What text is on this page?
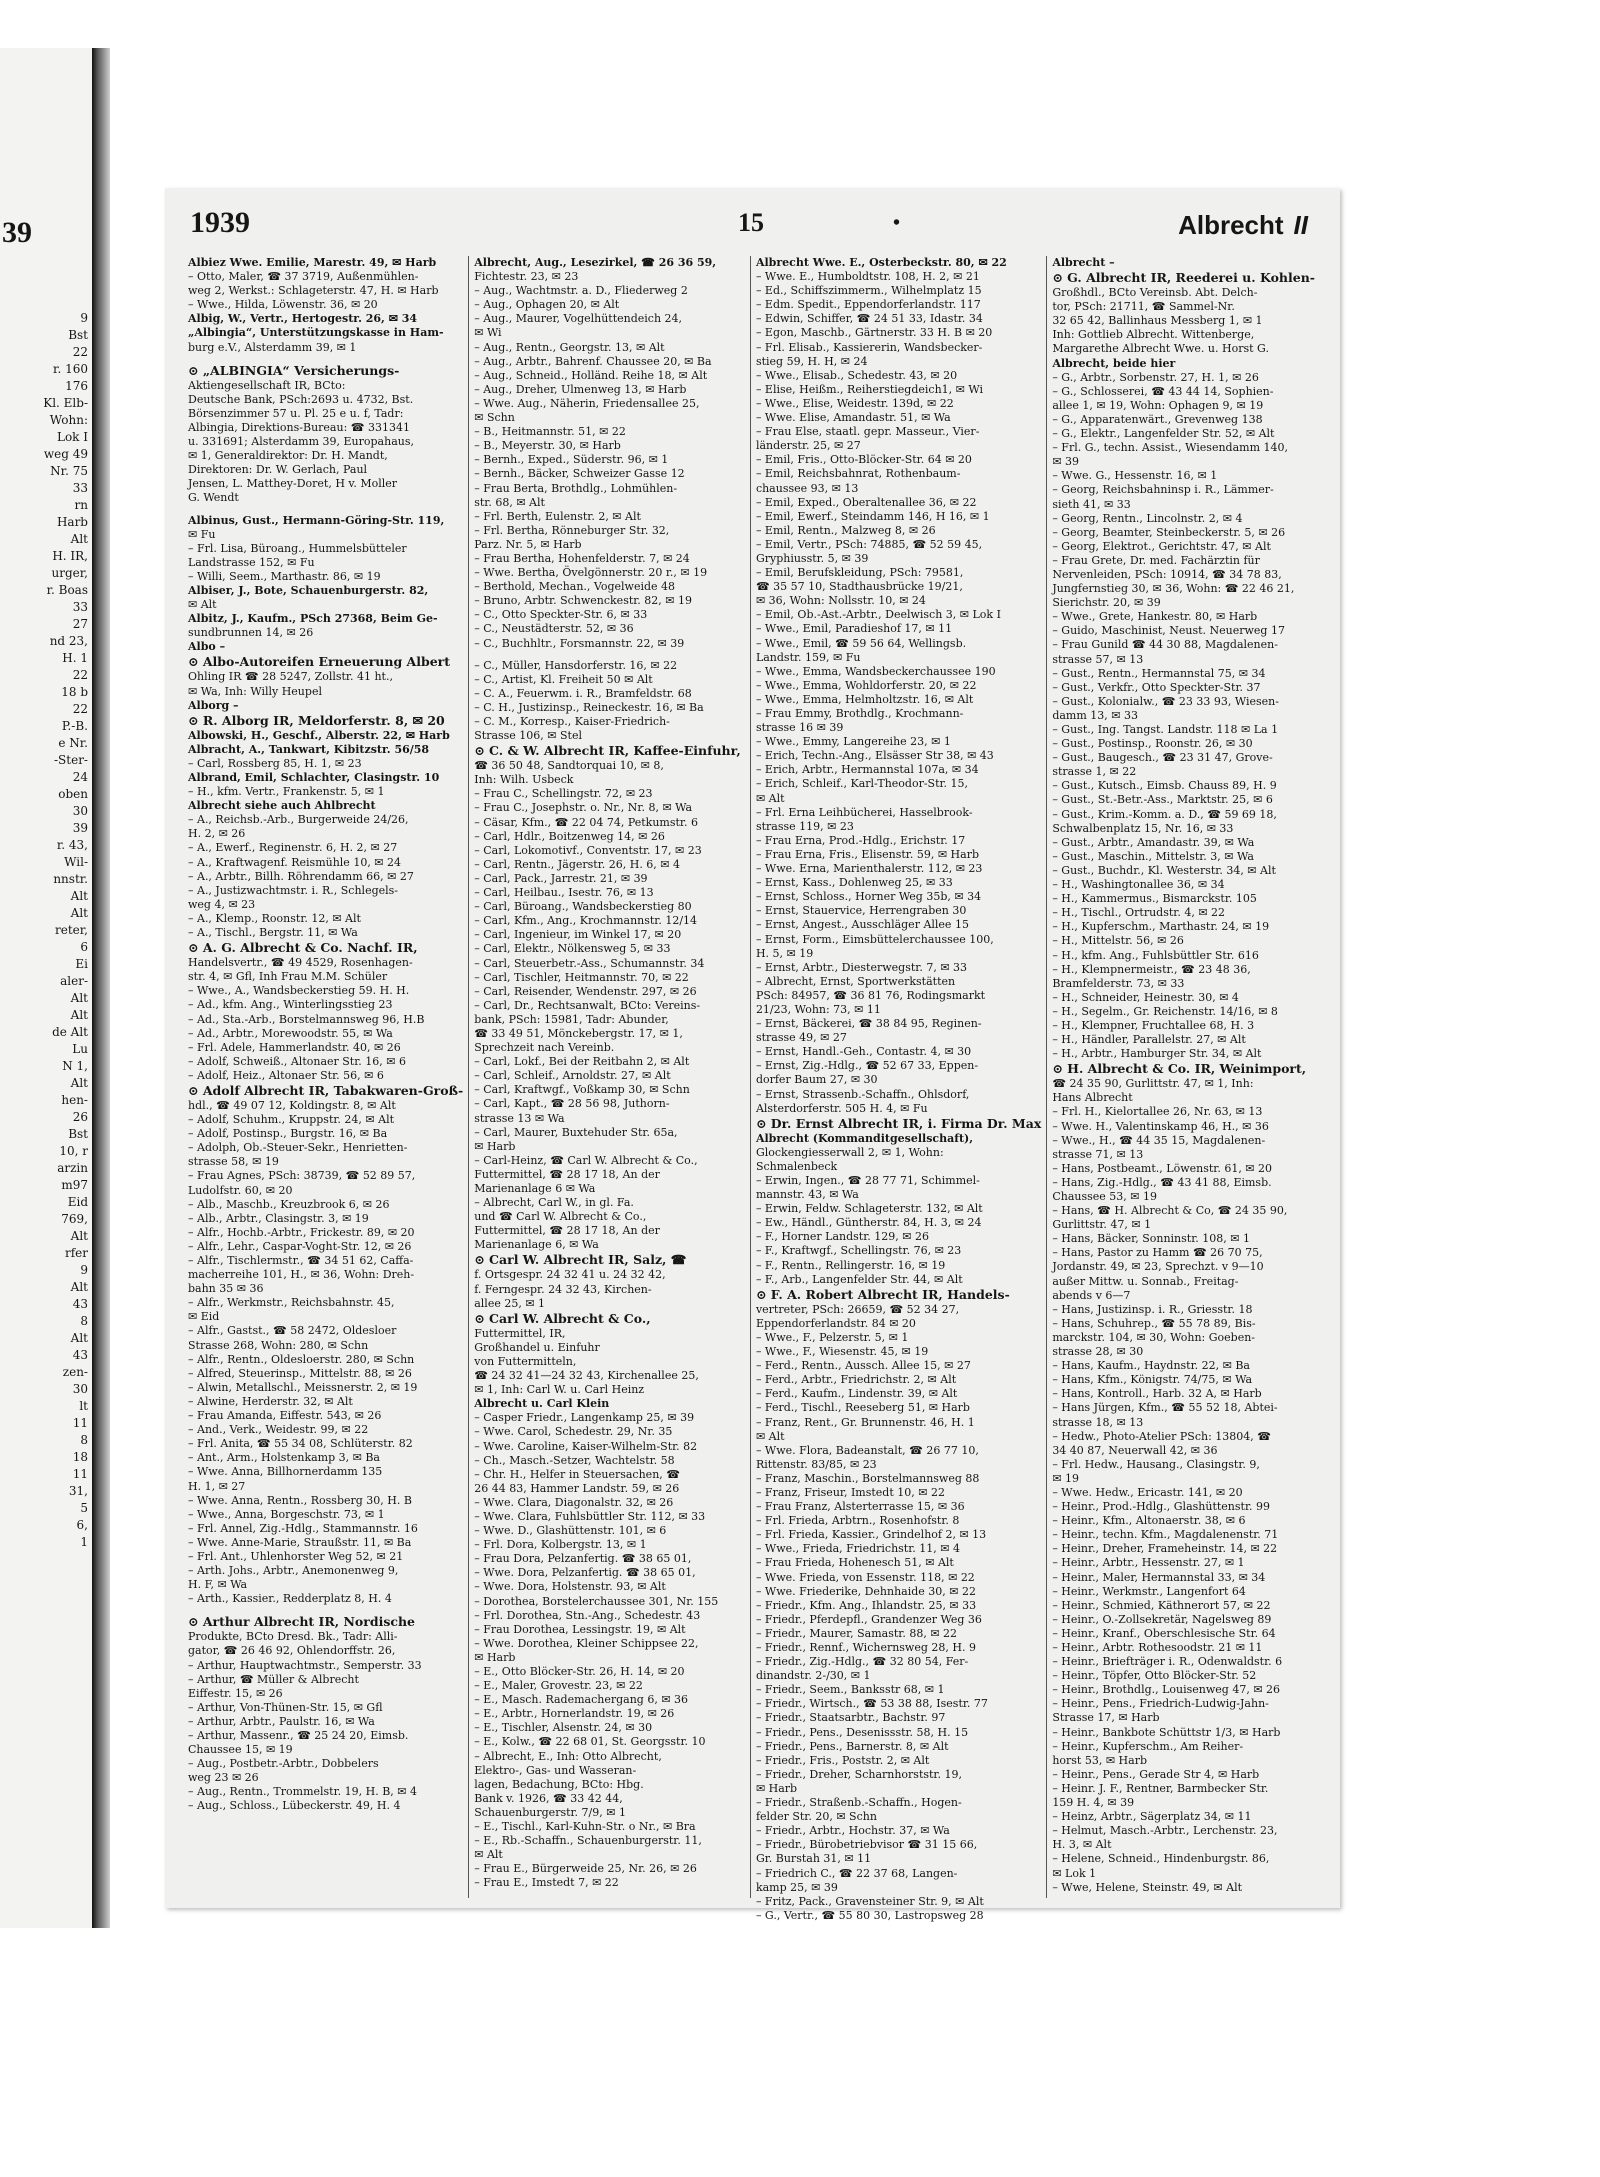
39
9
Bst
22
r. 160
176
Kl. Elb-
Wohn:
Lok I
weg 49
Nr. 75
33
rn
Harb
Alt
H. IR,
urger,
r. Boas
33
27
nd 23,
H. 1
22
18 b
22
P.-B.
e Nr.
-Ster-
24
oben
30
39
r. 43,
Wil-
nnstr.
Alt
Alt
reter,
6
Ei
aler-
Alt
Alt
de Alt
Lu
N 1,
Alt
hen-
26
Bst
10, r
arzin
m97
Eid
769,
Alt
rfer
9
Alt
43
8
Alt
43
zen-
30
lt
11
8
18
11
31,
5
6,
1
1939	15	•	Albrecht II
Albiez Wwe. Emilie, Marestr. 49, ✉ Harb
– Otto, Maler, ☎ 37 3719, Außenmühlen-
weg 2, Werkst.: Schlageterstr. 47, H. ✉ Harb
– Wwe., Hilda, Löwenstr. 36, ✉ 20
Albig, W., Vertr., Hertogestr. 26, ✉ 34
„Albingia“, Unterstützungskasse in Ham-
burg e.V., Alsterdamm 39, ✉ 1
⊙ „ALBINGIA“ Versicherungs-
Aktiengesellschaft IR, BCto:
Deutsche Bank, PSch:2693 u. 4732, Bst.
Börsenzimmer 57 u. Pl. 25 e u. f, Tadr:
Albingia, Direktions-Bureau: ☎ 331341
u. 331691; Alsterdamm 39, Europahaus,
✉ 1, Generaldirektor: Dr. H. Mandt,
Direktoren: Dr. W. Gerlach, Paul
Jensen, L. Matthey-Doret, H v. Moller
G. Wendt
Albinus, Gust., Hermann-Göring-Str. 119,
✉ Fu
– Frl. Lisa, Büroang., Hummelsbütteler
Landstrasse 152, ✉ Fu
– Willi, Seem., Marthastr. 86, ✉ 19
Albiser, J., Bote, Schauenburgerstr. 82,
✉ Alt
Albitz, J., Kaufm., PSch 27368, Beim Ge-
sundbrunnen 14, ✉ 26
Albo –
⊙ Albo-Autoreifen Erneuerung Albert
Ohling IR ☎ 28 5247, Zollstr. 41 ht.,
✉ Wa, Inh: Willy Heupel
Alborg –
⊙ R. Alborg IR, Meldorferstr. 8, ✉ 20
Albowski, H., Geschf., Alberstr. 22, ✉ Harb
Albracht, A., Tankwart, Kibitzstr. 56/58
– Carl, Rossberg 85, H. 1, ✉ 23
Albrand, Emil, Schlachter, Clasingstr. 10
– H., kfm. Vertr., Frankenstr. 5, ✉ 1
Albrecht siehe auch Ahlbrecht
– A., Reichsb.-Arb., Burgerweide 24/26,
H. 2, ✉ 26
– A., Ewerf., Reginenstr. 6, H. 2, ✉ 27
– A., Kraftwagenf. Reismühle 10, ✉ 24
– A., Arbtr., Billh. Röhrendamm 66, ✉ 27
– A., Justizwachtmstr. i. R., Schlegels-
weg 4, ✉ 23
– A., Klemp., Roonstr. 12, ✉ Alt
– A., Tischl., Bergstr. 11, ✉ Wa
⊙ A. G. Albrecht & Co. Nachf. IR,
Handelsvertr., ☎ 49 4529, Rosenhagen-
str. 4, ✉ Gfl, Inh Frau M.M. Schüler
– Wwe., A., Wandsbeckerstieg 59. H. H.
– Ad., kfm. Ang., Winterlingsstieg 23
– Ad., Sta.-Arb., Borstelmannsweg 96, H.B
– Ad., Arbtr., Morewoodstr. 55, ✉ Wa
– Frl. Adele, Hammerlandstr. 40, ✉ 26
– Adolf, Schweiß., Altonaer Str. 16, ✉ 6
– Adolf, Heiz., Altonaer Str. 56, ✉ 6
⊙ Adolf Albrecht IR, Tabakwaren-Groß-
hdl., ☎ 49 07 12, Koldingstr. 8, ✉ Alt
– Adolf, Schuhm., Kruppstr. 24, ✉ Alt
– Adolf, Postinsp., Burgstr. 16, ✉ Ba
– Adolph, Ob.-Steuer-Sekr., Henrietten-
strasse 58, ✉ 19
– Frau Agnes, PSch: 38739, ☎ 52 89 57,
Ludolfstr. 60, ✉ 20
– Alb., Maschb., Kreuzbrook 6, ✉ 26
– Alb., Arbtr., Clasingstr. 3, ✉ 19
– Alfr., Hochb.-Arbtr., Frickestr. 89, ✉ 20
– Alfr., Lehr., Caspar-Voght-Str. 12, ✉ 26
– Alfr., Tischlermstr., ☎ 34 51 62, Caffa-
macherreihe 101, H., ✉ 36, Wohn: Dreh-
bahn 35 ✉ 36
– Alfr., Werkmstr., Reichsbahnstr. 45,
✉ Eid
– Alfr., Gastst., ☎ 58 2472, Oldesloer
Strasse 268, Wohn: 280, ✉ Schn
– Alfr., Rentn., Oldesloerstr. 280, ✉ Schn
– Alfred, Steuerinsp., Mittelstr. 88, ✉ 26
– Alwin, Metallschl., Meissnerstr. 2, ✉ 19
– Alwine, Herderstr. 32, ✉ Alt
– Frau Amanda, Eiffestr. 543, ✉ 26
– And., Verk., Weidestr. 99, ✉ 22
– Frl. Anita, ☎ 55 34 08, Schlüterstr. 82
– Ant., Arm., Holstenkamp 3, ✉ Ba
– Wwe. Anna, Billhornerdamm 135
H. 1, ✉ 27
– Wwe. Anna, Rentn., Rossberg 30, H. B
– Wwe., Anna, Borgeschstr. 73, ✉ 1
– Frl. Annel, Zig.-Hdlg., Stammannstr. 16
– Wwe. Anne-Marie, Straußstr. 11, ✉ Ba
– Frl. Ant., Uhlenhorster Weg 52, ✉ 21
– Arth. Johs., Arbtr., Anemonenweg 9,
H. F, ✉ Wa
– Arth., Kassier., Redderplatz 8, H. 4
⊙ Arthur Albrecht IR, Nordische
Produkte, BCto Dresd. Bk., Tadr: Alli-
gator, ☎ 26 46 92, Ohlendorffstr. 26,
– Arthur, Hauptwachtmstr., Semperstr. 33
– Arthur, ☎ Müller & Albrecht
Eiffestr. 15, ✉ 26
– Arthur, Von-Thünen-Str. 15, ✉ Gfl
– Arthur, Arbtr., Paulstr. 16, ✉ Wa
– Arthur, Massenr., ☎ 25 24 20, Eimsb.
Chaussee 15, ✉ 19
– Aug., Postbetr.-Arbtr., Dobbelers
weg 23 ✉ 26
– Aug., Rentn., Trommelstr. 19, H. B, ✉ 4
– Aug., Schloss., Lübeckerstr. 49, H. 4
Albrecht, Aug., Lesezirkel, ☎ 26 36 59,
Fichtestr. 23, ✉ 23
– Aug., Wachtmstr. a. D., Fliederweg 2
– Aug., Ophagen 20, ✉ Alt
– Aug., Maurer, Vogelhüttendeich 24,
✉ Wi
– Aug., Rentn., Georgstr. 13, ✉ Alt
– Aug., Arbtr., Bahrenf. Chaussee 20, ✉ Ba
– Aug., Schneid., Holländ. Reihe 18, ✉ Alt
– Aug., Dreher, Ulmenweg 13, ✉ Harb
– Wwe. Aug., Näherin, Friedensallee 25,
✉ Schn
– B., Heitmannstr. 51, ✉ 22
– B., Meyerstr. 30, ✉ Harb
– Bernh., Exped., Süderstr. 96, ✉ 1
– Bernh., Bäcker, Schweizer Gasse 12
– Frau Berta, Brothdlg., Lohmühlen-
str. 68, ✉ Alt
– Frl. Berth, Eulenstr. 2, ✉ Alt
– Frl. Bertha, Rönneburger Str. 32,
Parz. Nr. 5, ✉ Harb
– Frau Bertha, Hohenfelderstr. 7, ✉ 24
– Wwe. Bertha, Övelgönnerstr. 20 r., ✉ 19
– Berthold, Mechan., Vogelweide 48
– Bruno, Arbtr. Schwenckestr. 82, ✉ 19
– C., Otto Speckter-Str. 6, ✉ 33
– C., Neustädterstr. 52, ✉ 36
– C., Buchhltr., Forsmannstr. 22, ✉ 39
– C., Müller, Hansdorferstr. 16, ✉ 22
– C., Artist, Kl. Freiheit 50 ✉ Alt
– C. A., Feuerwm. i. R., Bramfeldstr. 68
– C. H., Justizinsp., Reineckestr. 16, ✉ Ba
– C. M., Korresp., Kaiser-Friedrich-
Strasse 106, ✉ Stel
⊙ C. & W. Albrecht IR, Kaffee-Einfuhr,
☎ 36 50 48, Sandtorquai 10, ✉ 8,
Inh: Wilh. Usbeck
– Frau C., Schellingstr. 72, ✉ 23
– Frau C., Josephstr. o. Nr., Nr. 8, ✉ Wa
– Cäsar, Kfm., ☎ 22 04 74, Petkumstr. 6
– Carl, Hdlr., Boitzenweg 14, ✉ 26
– Carl, Lokomotivf., Conventstr. 17, ✉ 23
– Carl, Rentn., Jägerstr. 26, H. 6, ✉ 4
– Carl, Pack., Jarrestr. 21, ✉ 39
– Carl, Heilbau., Isestr. 76, ✉ 13
– Carl, Büroang., Wandsbeckerstieg 80
– Carl, Kfm., Ang., Krochmannstr. 12/14
– Carl, Ingenieur, im Winkel 17, ✉ 20
– Carl, Elektr., Nölkensweg 5, ✉ 33
– Carl, Steuerbetr.-Ass., Schumannstr. 34
– Carl, Tischler, Heitmannstr. 70, ✉ 22
– Carl, Reisender, Wendenstr. 297, ✉ 26
– Carl, Dr., Rechtsanwalt, BCto: Vereins-
bank, PSch: 15981, Tadr: Abunder,
☎ 33 49 51, Mönckebergstr. 17, ✉ 1,
Sprechzeit nach Vereinb.
– Carl, Lokf., Bei der Reitbahn 2, ✉ Alt
– Carl, Schleif., Arnoldstr. 27, ✉ Alt
– Carl, Kraftwgf., Voßkamp 30, ✉ Schn
– Carl, Kapt., ☎ 28 56 98, Juthorn-
strasse 13 ✉ Wa
– Carl, Maurer, Buxtehuder Str. 65a,
✉ Harb
– Carl-Heinz, ☎ Carl W. Albrecht & Co.,
Futtermittel, ☎ 28 17 18, An der
Marienanlage 6 ✉ Wa
– Albrecht, Carl W., in gl. Fa.
und ☎ Carl W. Albrecht & Co.,
Futtermittel, ☎ 28 17 18, An der
Marienanlage 6, ✉ Wa
⊙ Carl W. Albrecht IR, Salz, ☎
f. Ortsgespr. 24 32 41 u. 24 32 42,
f. Ferngespr. 24 32 43, Kirchen-
allee 25, ✉ 1
⊙ Carl W. Albrecht & Co.,
Futtermittel, IR,
Großhandel u. Einfuhr
von Futtermitteln,
☎ 24 32 41—24 32 43, Kirchenallee 25,
✉ 1, Inh: Carl W. u. Carl Heinz
Albrecht u. Carl Klein
– Casper Friedr., Langenkamp 25, ✉ 39
– Wwe. Carol, Schedestr. 29, Nr. 35
– Wwe. Caroline, Kaiser-Wilhelm-Str. 82
– Ch., Masch.-Setzer, Wachtelstr. 58
– Chr. H., Helfer in Steuersachen, ☎
26 44 83, Hammer Landstr. 59, ✉ 26
– Wwe. Clara, Diagonalstr. 32, ✉ 26
– Wwe. Clara, Fuhlsbüttler Str. 112, ✉ 33
– Wwe. D., Glashüttenstr. 101, ✉ 6
– Frl. Dora, Kolbergstr. 13, ✉ 1
– Frau Dora, Pelzanfertig. ☎ 38 65 01,
– Wwe. Dora, Pelzanfertig. ☎ 38 65 01,
– Wwe. Dora, Holstenstr. 93, ✉ Alt
– Dorothea, Borstelerchaussee 301, Nr. 155
– Frl. Dorothea, Stn.-Ang., Schedestr. 43
– Frau Dorothea, Lessingstr. 19, ✉ Alt
– Wwe. Dorothea, Kleiner Schippsee 22,
✉ Harb
– E., Otto Blöcker-Str. 26, H. 14, ✉ 20
– E., Maler, Grovestr. 23, ✉ 22
– E., Masch. Rademachergang 6, ✉ 36
– E., Arbtr., Hornerlandstr. 19, ✉ 26
– E., Tischler, Alsenstr. 24, ✉ 30
– E., Kolw., ☎ 22 68 01, St. Georgsstr. 10
– Albrecht, E., Inh: Otto Albrecht,
Elektro-, Gas- und Wasseran-
lagen, Bedachung, BCto: Hbg.
Bank v. 1926, ☎ 33 42 44,
Schauenburgerstr. 7/9, ✉ 1
– E., Tischl., Karl-Kuhn-Str. o Nr., ✉ Bra
– E., Rb.-Schaffn., Schauenburgerstr. 11,
✉ Alt
– Frau E., Bürgerweide 25, Nr. 26, ✉ 26
– Frau E., Imstedt 7, ✉ 22
Albrecht Wwe. E., Osterbeckstr. 80, ✉ 22
– Wwe. E., Humboldtstr. 108, H. 2, ✉ 21
– Ed., Schiffszimmerm., Wilhelmplatz 15
– Edm. Spedit., Eppendorferlandstr. 117
– Edwin, Schiffer, ☎ 24 51 33, Idastr. 34
– Egon, Maschb., Gärtnerstr. 33 H. B ✉ 20
– Frl. Elisab., Kassiererin, Wandsbecker-
stieg 59, H. H, ✉ 24
– Wwe., Elisab., Schedestr. 43, ✉ 20
– Elise, Heißm., Reiherstiegdeich1, ✉ Wi
– Wwe., Elise, Weidestr. 139d, ✉ 22
– Wwe. Elise, Amandastr. 51, ✉ Wa
– Frau Else, staatl. gepr. Masseur., Vier-
länderstr. 25, ✉ 27
– Emil, Fris., Otto-Blöcker-Str. 64 ✉ 20
– Emil, Reichsbahnrat, Rothenbaum-
chaussee 93, ✉ 13
– Emil, Exped., Oberaltenallee 36, ✉ 22
– Emil, Ewerf., Steindamm 146, H 16, ✉ 1
– Emil, Rentn., Malzweg 8, ✉ 26
– Emil, Vertr., PSch: 74885, ☎ 52 59 45,
Gryphiusstr. 5, ✉ 39
– Emil, Berufskleidung, PSch: 79581,
☎ 35 57 10, Stadthausbrücke 19/21,
✉ 36, Wohn: Nollsstr. 10, ✉ 24
– Emil, Ob.-Ast.-Arbtr., Deelwisch 3, ✉ Lok I
– Wwe., Emil, Paradieshof 17, ✉ 11
– Wwe., Emil, ☎ 59 56 64, Wellingsb.
Landstr. 159, ✉ Fu
– Wwe., Emma, Wandsbeckerchaussee 190
– Wwe., Emma, Wohldorferstr. 20, ✉ 22
– Wwe., Emma, Helmholtzstr. 16, ✉ Alt
– Frau Emmy, Brothdlg., Krochmann-
strasse 16 ✉ 39
– Wwe., Emmy, Langereihe 23, ✉ 1
– Erich, Techn.-Ang., Elsässer Str 38, ✉ 43
– Erich, Arbtr., Hermannstal 107a, ✉ 34
– Erich, Schleif., Karl-Theodor-Str. 15,
✉ Alt
– Frl. Erna Leihbücherei, Hasselbrook-
strasse 119, ✉ 23
– Frau Erna, Prod.-Hdlg., Erichstr. 17
– Frau Erna, Fris., Elisenstr. 59, ✉ Harb
– Wwe. Erna, Marienthalerstr. 112, ✉ 23
– Ernst, Kass., Dohlenweg 25, ✉ 33
– Ernst, Schloss., Horner Weg 35b, ✉ 34
– Ernst, Stauervice, Herrengraben 30
– Ernst, Angest., Ausschläger Allee 15
– Ernst, Form., Eimsbüttelerchaussee 100,
H. 5, ✉ 19
– Ernst, Arbtr., Diesterwegstr. 7, ✉ 33
– Albrecht, Ernst, Sportwerkstätten
PSch: 84957, ☎ 36 81 76, Rodingsmarkt
21/23, Wohn: 73, ✉ 11
– Ernst, Bäckerei, ☎ 38 84 95, Reginen-
strasse 49, ✉ 27
– Ernst, Handl.-Geh., Contastr. 4, ✉ 30
– Ernst, Zig.-Hdlg., ☎ 52 67 33, Eppen-
dorfer Baum 27, ✉ 30
– Ernst, Strassenb.-Schaffn., Ohlsdorf,
Alsterdorferstr. 505 H. 4, ✉ Fu
⊙ Dr. Ernst Albrecht IR, i. Firma Dr. Max
Albrecht (Kommanditgesellschaft),
Glockengiesserwall 2, ✉ 1, Wohn:
Schmalenbeck
– Erwin, Ingen., ☎ 28 77 71, Schimmel-
mannstr. 43, ✉ Wa
– Erwin, Feldw. Schlageterstr. 132, ✉ Alt
– Ew., Händl., Güntherstr. 84, H. 3, ✉ 24
– F., Horner Landstr. 129, ✉ 26
– F., Kraftwgf., Schellingstr. 76, ✉ 23
– F., Rentn., Rellingerstr. 16, ✉ 19
– F., Arb., Langenfelder Str. 44, ✉ Alt
⊙ F. A. Robert Albrecht IR, Handels-
vertreter, PSch: 26659, ☎ 52 34 27,
Eppendorferlandstr. 84 ✉ 20
– Wwe., F., Pelzerstr. 5, ✉ 1
– Wwe., F., Wiesenstr. 45, ✉ 19
– Ferd., Rentn., Aussch. Allee 15, ✉ 27
– Ferd., Arbtr., Friedrichstr. 2, ✉ Alt
– Ferd., Kaufm., Lindenstr. 39, ✉ Alt
– Ferd., Tischl., Reeseberg 51, ✉ Harb
– Franz, Rent., Gr. Brunnenstr. 46, H. 1
✉ Alt
– Wwe. Flora, Badeanstalt, ☎ 26 77 10,
Rittenstr. 83/85, ✉ 23
– Franz, Maschin., Borstelmannsweg 88
– Franz, Friseur, Imstedt 10, ✉ 22
– Frau Franz, Alsterterrasse 15, ✉ 36
– Frl. Frieda, Arbtrn., Rosenhofstr. 8
– Frl. Frieda, Kassier., Grindelhof 2, ✉ 13
– Wwe., Frieda, Friedrichstr. 11, ✉ 4
– Frau Frieda, Hohenesch 51, ✉ Alt
– Wwe. Frieda, von Essenstr. 118, ✉ 22
– Wwe. Friederike, Dehnhaide 30, ✉ 22
– Friedr., Kfm. Ang., Ihlandstr. 25, ✉ 33
– Friedr., Pferdepfl., Grandenzer Weg 36
– Friedr., Maurer, Samastr. 88, ✉ 22
– Friedr., Rennf., Wichernsweg 28, H. 9
– Friedr., Zig.-Hdlg., ☎ 32 80 54, Fer-
dinandstr. 2-/30, ✉ 1
– Friedr., Seem., Banksstr 68, ✉ 1
– Friedr., Wirtsch., ☎ 53 38 88, Isestr. 77
– Friedr., Staatsarbtr., Bachstr. 97
– Friedr., Pens., Desenissstr. 58, H. 15
– Friedr., Pens., Barnerstr. 8, ✉ Alt
– Friedr., Fris., Poststr. 2, ✉ Alt
– Friedr., Dreher, Scharnhorststr. 19,
✉ Harb
– Friedr., Straßenb.-Schaffn., Hogen-
felder Str. 20, ✉ Schn
– Friedr., Arbtr., Hochstr. 37, ✉ Wa
– Friedr., Bürobetriebvisor ☎ 31 15 66,
Gr. Burstah 31, ✉ 11
– Friedrich C., ☎ 22 37 68, Langen-
kamp 25, ✉ 39
– Fritz, Pack., Gravensteiner Str. 9, ✉ Alt
– G., Vertr., ☎ 55 80 30, Lastropsweg 28
Albrecht –
⊙ G. Albrecht IR, Reederei u. Kohlen-
Großhdl., BCto Vereinsb. Abt. Delch-
tor, PSch: 21711, ☎ Sammel-Nr.
32 65 42, Ballinhaus Messberg 1, ✉ 1
Inh: Gottlieb Albrecht. Wittenberge,
Margarethe Albrecht Wwe. u. Horst G.
Albrecht, beide hier
– G., Arbtr., Sorbenstr. 27, H. 1, ✉ 26
– G., Schlosserei, ☎ 43 44 14, Sophien-
allee 1, ✉ 19, Wohn: Ophagen 9, ✉ 19
– G., Apparatenwärt., Grevenweg 138
– G., Elektr., Langenfelder Str. 52, ✉ Alt
– Frl. G., techn. Assist., Wiesendamm 140,
✉ 39
– Wwe. G., Hessenstr. 16, ✉ 1
– Georg, Reichsbahninsp i. R., Lämmer-
sieth 41, ✉ 33
– Georg, Rentn., Lincolnstr. 2, ✉ 4
– Georg, Beamter, Steinbeckerstr. 5, ✉ 26
– Georg, Elektrot., Gerichtstr. 47, ✉ Alt
– Frau Grete, Dr. med. Fachärztin für
Nervenleiden, PSch: 10914, ☎ 34 78 83,
Jungfernstieg 30, ✉ 36, Wohn: ☎ 22 46 21,
Sierichstr. 20, ✉ 39
– Wwe., Grete, Hankestr. 80, ✉ Harb
– Guido, Maschinist, Neust. Neuerweg 17
– Frau Gunild ☎ 44 30 88, Magdalenen-
strasse 57, ✉ 13
– Gust., Rentn., Hermannstal 75, ✉ 34
– Gust., Verkfr., Otto Speckter-Str. 37
– Gust., Kolonialw., ☎ 23 33 93, Wiesen-
damm 13, ✉ 33
– Gust., Ing. Tangst. Landstr. 118 ✉ La 1
– Gust., Postinsp., Roonstr. 26, ✉ 30
– Gust., Baugesch., ☎ 23 31 47, Grove-
strasse 1, ✉ 22
– Gust., Kutsch., Eimsb. Chauss 89, H. 9
– Gust., St.-Betr.-Ass., Marktstr. 25, ✉ 6
– Gust., Krim.-Komm. a. D., ☎ 59 69 18,
Schwalbenplatz 15, Nr. 16, ✉ 33
– Gust., Arbtr., Amandastr. 39, ✉ Wa
– Gust., Maschin., Mittelstr. 3, ✉ Wa
– Gust., Buchdr., Kl. Westerstr. 34, ✉ Alt
– H., Washingtonallee 36, ✉ 34
– H., Kammermus., Bismarckstr. 105
– H., Tischl., Ortrudstr. 4, ✉ 22
– H., Kupferschm., Marthastr. 24, ✉ 19
– H., Mittelstr. 56, ✉ 26
– H., kfm. Ang., Fuhlsbüttler Str. 616
– H., Klempnermeistr., ☎ 23 48 36,
Bramfelderstr. 73, ✉ 33
– H., Schneider, Heinestr. 30, ✉ 4
– H., Segelm., Gr. Reichenstr. 14/16, ✉ 8
– H., Klempner, Fruchtallee 68, H. 3
– H., Händler, Parallelstr. 27, ✉ Alt
– H., Arbtr., Hamburger Str. 34, ✉ Alt
⊙ H. Albrecht & Co. IR, Weinimport,
☎ 24 35 90, Gurlittstr. 47, ✉ 1, Inh:
Hans Albrecht
– Frl. H., Kielortallee 26, Nr. 63, ✉ 13
– Wwe. H., Valentinskamp 46, H., ✉ 36
– Wwe., H., ☎ 44 35 15, Magdalenen-
strasse 71, ✉ 13
– Hans, Postbeamt., Löwenstr. 61, ✉ 20
– Hans, Zig.-Hdlg., ☎ 43 41 88, Eimsb.
Chaussee 53, ✉ 19
– Hans, ☎ H. Albrecht & Co, ☎ 24 35 90,
Gurlittstr. 47, ✉ 1
– Hans, Bäcker, Sonninstr. 108, ✉ 1
– Hans, Pastor zu Hamm ☎ 26 70 75,
Jordanstr. 49, ✉ 23, Sprechzt. v 9—10
außer Mittw. u. Sonnab., Freitag-
abends v 6—7
– Hans, Justizinsp. i. R., Griesstr. 18
– Hans, Schuhrep., ☎ 55 78 89, Bis-
marckstr. 104, ✉ 30, Wohn: Goeben-
strasse 28, ✉ 30
– Hans, Kaufm., Haydnstr. 22, ✉ Ba
– Hans, Kfm., Königstr. 74/75, ✉ Wa
– Hans, Kontroll., Harb. 32 A, ✉ Harb
– Hans Jürgen, Kfm., ☎ 55 52 18, Abtei-
strasse 18, ✉ 13
– Hedw., Photo-Atelier PSch: 13804, ☎
34 40 87, Neuerwall 42, ✉ 36
– Frl. Hedw., Hausang., Clasingstr. 9,
✉ 19
– Wwe. Hedw., Ericastr. 141, ✉ 20
– Heinr., Prod.-Hdlg., Glashüttenstr. 99
– Heinr., Kfm., Altonaerstr. 38, ✉ 6
– Heinr., techn. Kfm., Magdalenenstr. 71
– Heinr., Dreher, Frameheinstr. 14, ✉ 22
– Heinr., Arbtr., Hessenstr. 27, ✉ 1
– Heinr., Maler, Hermannstal 33, ✉ 34
– Heinr., Werkmstr., Langenfort 64
– Heinr., Schmied, Käthnerort 57, ✉ 22
– Heinr., O.-Zollsekretär, Nagelsweg 89
– Heinr., Kranf., Oberschlesische Str. 64
– Heinr., Arbtr. Rothesoodstr. 21 ✉ 11
– Heinr., Briefträger i. R., Odenwaldstr. 6
– Heinr., Töpfer, Otto Blöcker-Str. 52
– Heinr., Brothdlg., Louisenweg 47, ✉ 26
– Heinr., Pens., Friedrich-Ludwig-Jahn-
Strasse 17, ✉ Harb
– Heinr., Bankbote Schüttstr 1/3, ✉ Harb
– Heinr., Kupferschm., Am Reiher-
horst 53, ✉ Harb
– Heinr., Pens., Gerade Str 4, ✉ Harb
– Heinr. J. F., Rentner, Barmbecker Str.
159 H. 4, ✉ 39
– Heinz, Arbtr., Sägerplatz 34, ✉ 11
– Helmut, Masch.-Arbtr., Lerchenstr. 23,
H. 3, ✉ Alt
– Helene, Schneid., Hindenburgstr. 86,
✉ Lok 1
– Wwe, Helene, Steinstr. 49, ✉ Alt
